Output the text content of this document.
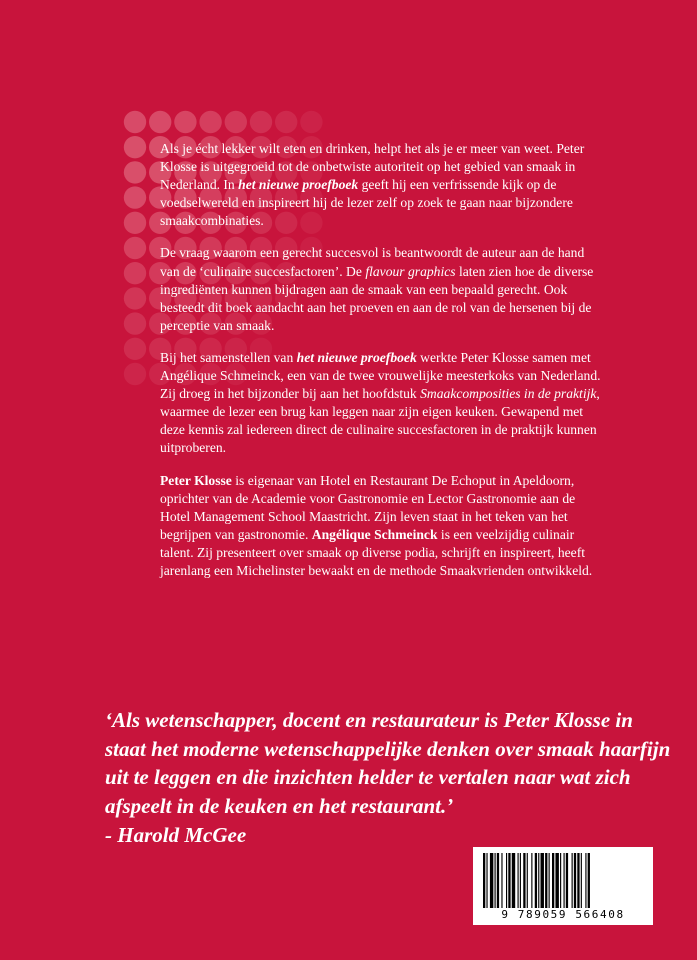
Als je écht lekker wilt eten en drinken, helpt het als je er meer van weet. Peter Klosse is uitgegroeid tot de onbetwiste autoriteit op het gebied van smaak in Nederland. In het nieuwe proefboek geeft hij een verfrissende kijk op de voedselwereld en inspireert hij de lezer zelf op zoek te gaan naar bijzondere smaakcombinaties.

De vraag waarom een gerecht succesvol is beantwoordt de auteur aan de hand van de ‘culinaire succesfactoren’. De flavour graphics laten zien hoe de diverse ingrediënten kunnen bijdragen aan de smaak van een bepaald gerecht. Ook besteedt dit boek aandacht aan het proeven en aan de rol van de hersenen bij de perceptie van smaak.

Bij het samenstellen van het nieuwe proefboek werkte Peter Klosse samen met Angélique Schmeinck, een van de twee vrouwelijke meesterkoks van Nederland. Zij droeg in het bijzonder bij aan het hoofdstuk Smaakcomposities in de praktijk, waarmee de lezer een brug kan leggen naar zijn eigen keuken. Gewapend met deze kennis zal iedereen direct de culinaire succesfactoren in de praktijk kunnen uitproberen.

Peter Klosse is eigenaar van Hotel en Restaurant De Echoput in Apeldoorn, oprichter van de Academie voor Gastronomie en Lector Gastronomie aan de Hotel Management School Maastricht. Zijn leven staat in het teken van het begrijpen van gastronomie. Angélique Schmeinck is een veelzijdig culinair talent. Zij presenteert over smaak op diverse podia, schrijft en inspireert, heeft jarenlang een Michelinster bewaakt en de methode Smaakvrienden ontwikkeld.

‘Als wetenschapper, docent en restaurateur is Peter Klosse in staat het moderne wetenschappelijke denken over smaak haarfijn uit te leggen en die inzichten helder te vertalen naar wat zich afspeelt in de keuken en het restaurant.’
- Harold McGee
9 789059 566408
